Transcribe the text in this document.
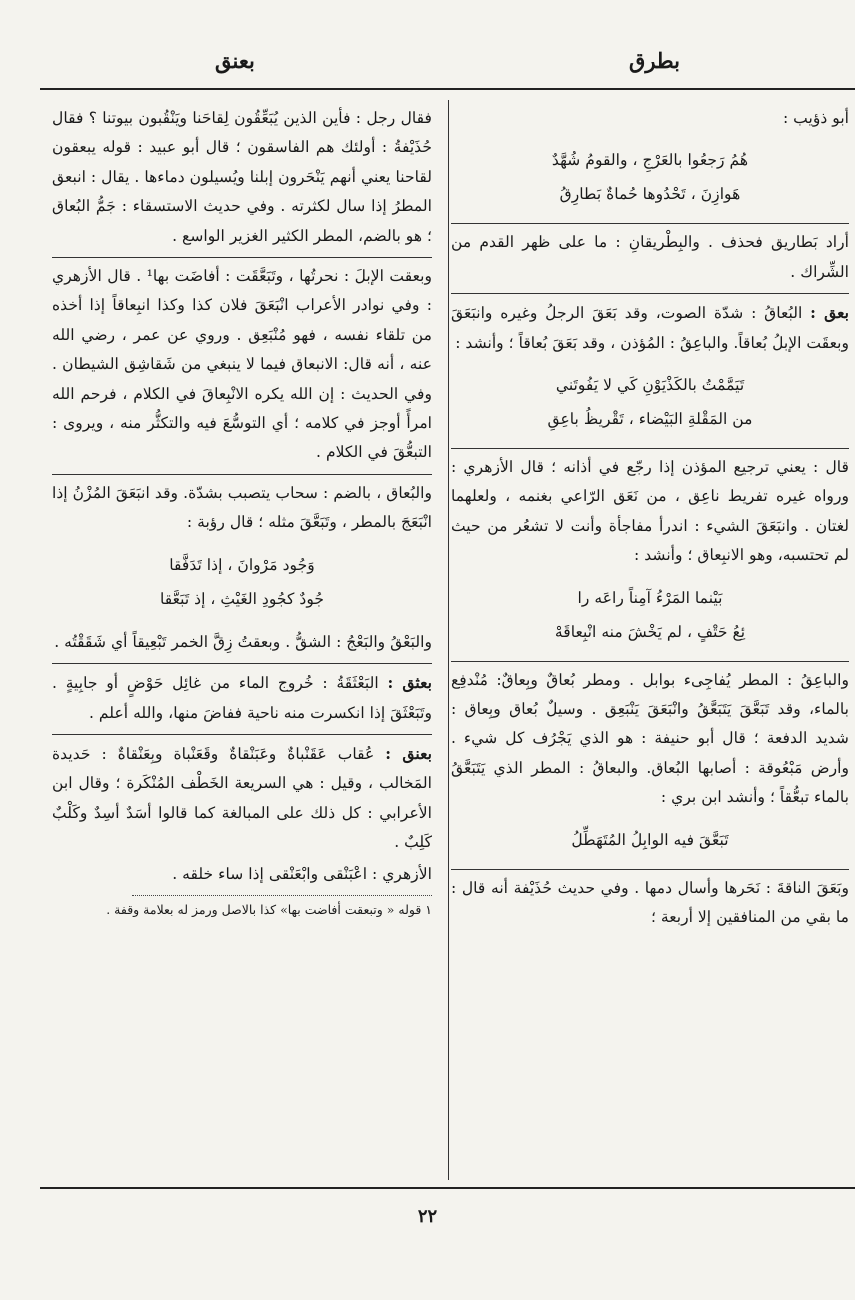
بطرق
بعنق

أبو ذؤيب :

هُمُ رَجعُوا بالعَرْجِ ، والقومُ شُهَّدٌ
هَوازِنَ ، تَحْدُوها حُماةٌ بَطارِقُ

أراد بَطاريق فحذف . والبِطْريقانِ : ما على ظهر القدم من الشِّراك .

بعق : البُعاقُ : شدّة الصوت، وقد بَعَقَ الرجلُ وغيره وانبَعَقَ وبعقَت الإبلُ بُعاقاً. والباعِقُ : المُؤذن ، وقد بَعَقَ بُعاقاً ؛ وأنشد :

تَيَمَّمْتُ بالكَذْيَوْنِ كَي لا يَفُوتَني
من المَقْلةِ البَيْضاء ، تَقْريظُ باعِقِ

قال : يعني ترجيع المؤذن إذا رجّع في أذانه ؛ قال الأزهري : ورواه غيره تفريط ناعِق ، من نَعَق الرّاعي بغنمه ، ولعلهما لغتان . وانبَعَقَ الشيء : اندرأ مفاجأة وأنت لا تشعُر من حيث لم تحتسبه، وهو الانبِعاق ؛ وأنشد :

بَيْنما المَرْءُ آمِناً راعَه را
ئِعُ حَتْفٍ ، لم يَخْشَ منه انْبِعاقَهْ

والباعِقُ : المطر يُفاجِىء بوابل . ومطر بُعاقٌ وبِعاقٌ: مُنْدفِع بالماء، وقد تَبَعَّقَ يَتَبَعَّقُ وانْبَعَقَ يَنْبَعِق . وسيلٌ بُعاق وبِعاق : شديد الدفعة ؛ قال أبو حنيفة : هو الذي يَجْرُف كل شيء . وأرض مَبْعُوقة : أصابها البُعاق. والبعاقُ : المطر الذي يَتَبَعَّقُ بالماء تبعُّقاً ؛ وأنشد ابن بري :

تَبَعَّقَ فيه الوابِلُ المُتَهَطِّلُ

وبَعَقَ الناقةَ : نَحَرها وأسال دمها . وفي حديث حُذَيْفة أنه قال : ما بقي من المنافقين إلا أربعة ؛

فقال رجل : فأين الذين يُبَعِّقُون لِقاحَنا ويَنْقُبون بيوتنا ؟ فقال حُذَيْفةُ : أولئك هم الفاسقون ؛ قال أبو عبيد : قوله يبعقون لقاحنا يعني أنهم يَنْحَرون إبلنا ويُسيلون دماءها . يقال : انبعق المطرُ إذا سال لكثرته . وفي حديث الاستسقاء : جَمُّ البُعاق ؛ هو بالضم، المطر الكثير الغزير الواسع .

وبعقت الإبلَ : نحرتُها ، وتَبَعَّقَت : أفاضَت بها¹ . قال الأزهري : وفي نوادر الأعراب انْبَعَقَ فلان كذا وكذا انبِعاقاً إذا أخذه من تلقاء نفسه ، فهو مُنْبَعِق . وروي عن عمر ، رضي الله عنه ، أنه قال: الانبعاق فيما لا ينبغي من شَقاشِق الشيطان . وفي الحديث : إن الله يكره الانْبِعاقَ في الكلام ، فرحم الله امرأً أوجز في كلامه ؛ أي التوسُّعَ فيه والتكثُّر منه ، ويروى : التبعُّقَ في الكلام .

والبُعاق ، بالضم : سحاب يتصبب بشدّة. وقد انبَعَقَ المُزْنُ إذا انْبَعَجَ بالمطر ، وتَبَعَّقَ مثله ؛ قال رؤبة :

وَجُود مَرْوانَ ، إذا تَدَفَّقا
جُودٌ كجُودِ الغَيْثِ ، إذ تَبَعَّقا

والبَعْقُ والبَعْجُ : الشقُّ . وبعقتُ زِقَّ الخمر تَبْعِيقاً أي شَقَقْتُه .

بعثق : البَعْثَقَةُ : خُروج الماء من غائِل حَوْضٍ أو جابِيةٍ . وتَبَعْثَقَ إذا انكسرت منه ناحية ففاضَ منها، والله أعلم .

بعنق : عُقاب عَقَنْباةٌ وعَبَنْقاةٌ وقَعَنْباة وبِعَنْقاةٌ : حَديدة المَخالب ، وقيل : هي السريعة الخَطْف المُنْكَرة ؛ وقال ابن الأعرابي : كل ذلك على المبالغة كما قالوا أسَدٌ أسِدٌ وكَلْبٌ كَلِبٌ .

الأزهري : اعْبَنْقى وابْعَنْقى إذا ساء خلقه .

١ قوله « وتبعقت أفاضت بها» كذا بالاصل ورمز له بعلامة وقفة .

٢٢
